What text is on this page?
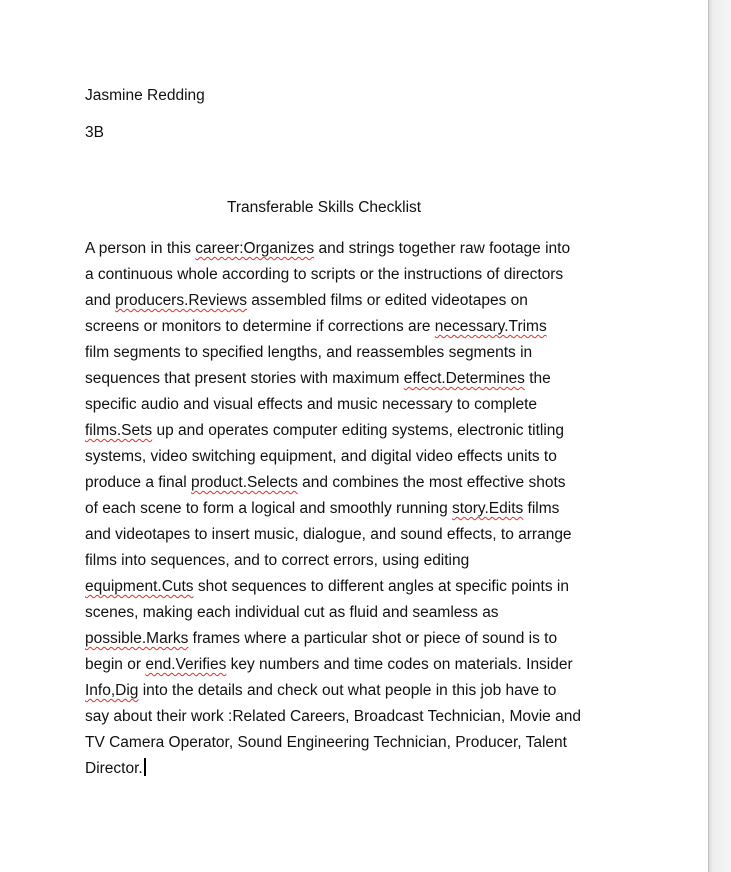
Jasmine Redding
3B
Transferable Skills Checklist
A person in this career:Organizes and strings together raw footage into
a continuous whole according to scripts or the instructions of directors
and producers.Reviews assembled films or edited videotapes on
screens or monitors to determine if corrections are necessary.Trims
film segments to specified lengths, and reassembles segments in
sequences that present stories with maximum effect.Determines the
specific audio and visual effects and music necessary to complete
films.Sets up and operates computer editing systems, electronic titling
systems, video switching equipment, and digital video effects units to
produce a final product.Selects and combines the most effective shots
of each scene to form a logical and smoothly running story.Edits films
and videotapes to insert music, dialogue, and sound effects, to arrange
films into sequences, and to correct errors, using editing
equipment.Cuts shot sequences to different angles at specific points in
scenes, making each individual cut as fluid and seamless as
possible.Marks frames where a particular shot or piece of sound is to
begin or end.Verifies key numbers and time codes on materials. Insider
Info,Dig into the details and check out what people in this job have to
say about their work :Related Careers, Broadcast Technician, Movie and
TV Camera Operator, Sound Engineering Technician, Producer, Talent
Director.
